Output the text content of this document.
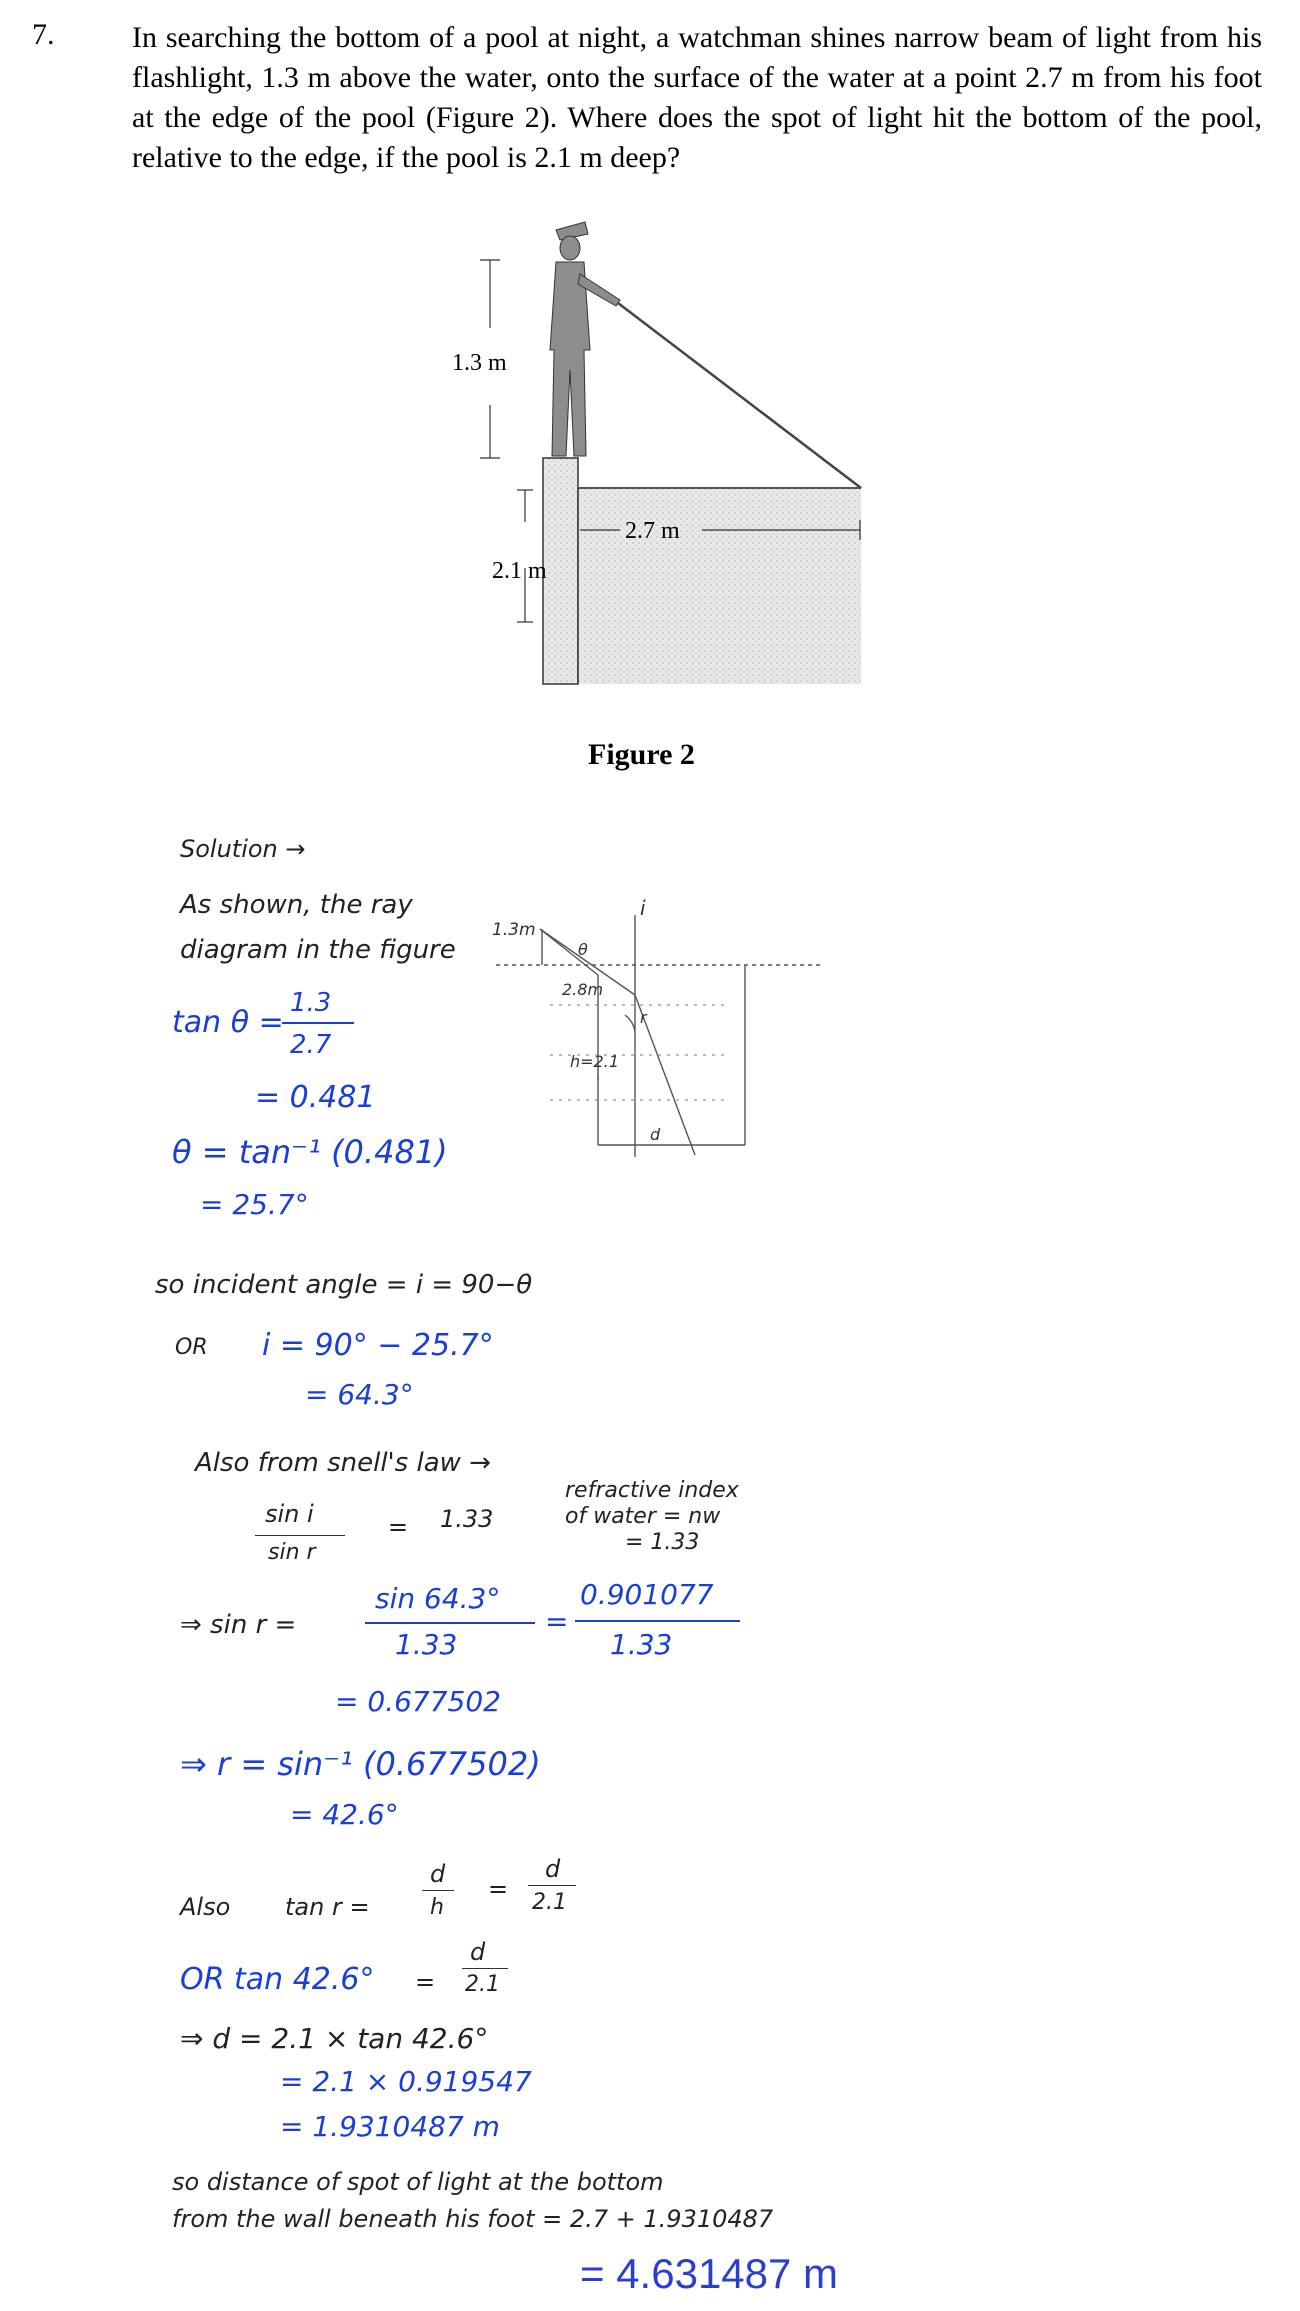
7.	In searching the bottom of a pool at night, a watchman shines narrow beam of light from his flashlight, 1.3 m above the water, onto the surface of the water at a point 2.7 m from his foot at the edge of the pool (Figure 2). Where does the spot of light hit the bottom of the pool, relative to the edge, if the pool is 2.1 m deep?
1.3 m
2.1 m
2.7 m
Figure 2
1.3m
θ
i
2.8m
r
h=2.1
d
Solution →
As shown, the ray
diagram in the figure
tan θ =
1.3
2.7
= 0.481
θ = tan⁻¹ (0.481)
= 25.7°
so incident angle = i = 90−θ
OR i = 90° − 25.7°
= 64.3°
Also from snell's law →
sin i
sin r
= 1.33
refractive index
of water = nw
= 1.33
⇒ sin r =
sin 64.3°
1.33
=
0.901077
1.33
= 0.677502
⇒ r = sin⁻¹ (0.677502)
= 42.6°
Also tan r =
d
h
=
d
2.1
OR tan 42.6° =
d
2.1
⇒ d = 2.1 × tan 42.6°
= 2.1 × 0.919547
= 1.9310487 m
so distance of spot of light at the bottom
from the wall beneath his foot = 2.7 + 1.9310487
= 4.631487 m
